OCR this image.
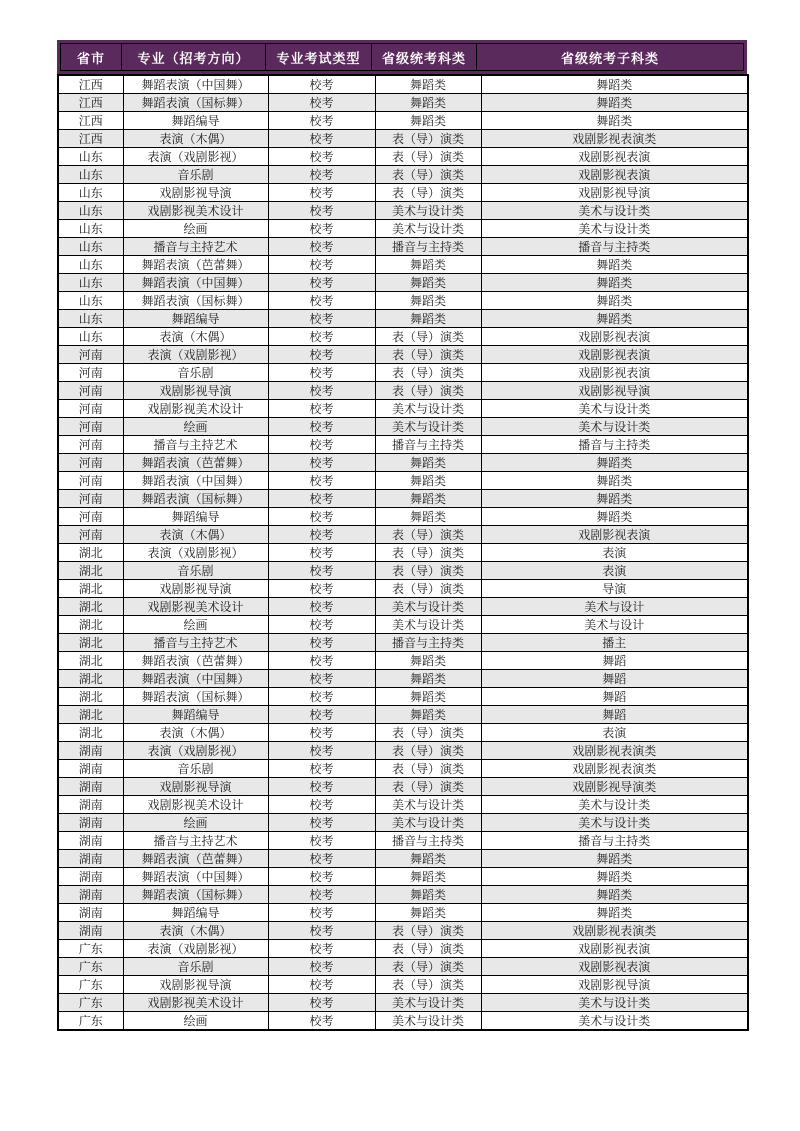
省市	专业（招考方向）	专业考试类型	省级统考科类	省级统考子科类
江西	舞蹈表演（中国舞）	校考	舞蹈类	舞蹈类
江西	舞蹈表演（国标舞）	校考	舞蹈类	舞蹈类
江西	舞蹈编导	校考	舞蹈类	舞蹈类
江西	表演（木偶）	校考	表（导）演类	戏剧影视表演类
山东	表演（戏剧影视）	校考	表（导）演类	戏剧影视表演
山东	音乐剧	校考	表（导）演类	戏剧影视表演
山东	戏剧影视导演	校考	表（导）演类	戏剧影视导演
山东	戏剧影视美术设计	校考	美术与设计类	美术与设计类
山东	绘画	校考	美术与设计类	美术与设计类
山东	播音与主持艺术	校考	播音与主持类	播音与主持类
山东	舞蹈表演（芭蕾舞）	校考	舞蹈类	舞蹈类
山东	舞蹈表演（中国舞）	校考	舞蹈类	舞蹈类
山东	舞蹈表演（国标舞）	校考	舞蹈类	舞蹈类
山东	舞蹈编导	校考	舞蹈类	舞蹈类
山东	表演（木偶）	校考	表（导）演类	戏剧影视表演
河南	表演（戏剧影视）	校考	表（导）演类	戏剧影视表演
河南	音乐剧	校考	表（导）演类	戏剧影视表演
河南	戏剧影视导演	校考	表（导）演类	戏剧影视导演
河南	戏剧影视美术设计	校考	美术与设计类	美术与设计类
河南	绘画	校考	美术与设计类	美术与设计类
河南	播音与主持艺术	校考	播音与主持类	播音与主持类
河南	舞蹈表演（芭蕾舞）	校考	舞蹈类	舞蹈类
河南	舞蹈表演（中国舞）	校考	舞蹈类	舞蹈类
河南	舞蹈表演（国标舞）	校考	舞蹈类	舞蹈类
河南	舞蹈编导	校考	舞蹈类	舞蹈类
河南	表演（木偶）	校考	表（导）演类	戏剧影视表演
湖北	表演（戏剧影视）	校考	表（导）演类	表演
湖北	音乐剧	校考	表（导）演类	表演
湖北	戏剧影视导演	校考	表（导）演类	导演
湖北	戏剧影视美术设计	校考	美术与设计类	美术与设计
湖北	绘画	校考	美术与设计类	美术与设计
湖北	播音与主持艺术	校考	播音与主持类	播主
湖北	舞蹈表演（芭蕾舞）	校考	舞蹈类	舞蹈
湖北	舞蹈表演（中国舞）	校考	舞蹈类	舞蹈
湖北	舞蹈表演（国标舞）	校考	舞蹈类	舞蹈
湖北	舞蹈编导	校考	舞蹈类	舞蹈
湖北	表演（木偶）	校考	表（导）演类	表演
湖南	表演（戏剧影视）	校考	表（导）演类	戏剧影视表演类
湖南	音乐剧	校考	表（导）演类	戏剧影视表演类
湖南	戏剧影视导演	校考	表（导）演类	戏剧影视导演类
湖南	戏剧影视美术设计	校考	美术与设计类	美术与设计类
湖南	绘画	校考	美术与设计类	美术与设计类
湖南	播音与主持艺术	校考	播音与主持类	播音与主持类
湖南	舞蹈表演（芭蕾舞）	校考	舞蹈类	舞蹈类
湖南	舞蹈表演（中国舞）	校考	舞蹈类	舞蹈类
湖南	舞蹈表演（国标舞）	校考	舞蹈类	舞蹈类
湖南	舞蹈编导	校考	舞蹈类	舞蹈类
湖南	表演（木偶）	校考	表（导）演类	戏剧影视表演类
广东	表演（戏剧影视）	校考	表（导）演类	戏剧影视表演
广东	音乐剧	校考	表（导）演类	戏剧影视表演
广东	戏剧影视导演	校考	表（导）演类	戏剧影视导演
广东	戏剧影视美术设计	校考	美术与设计类	美术与设计类
广东	绘画	校考	美术与设计类	美术与设计类
